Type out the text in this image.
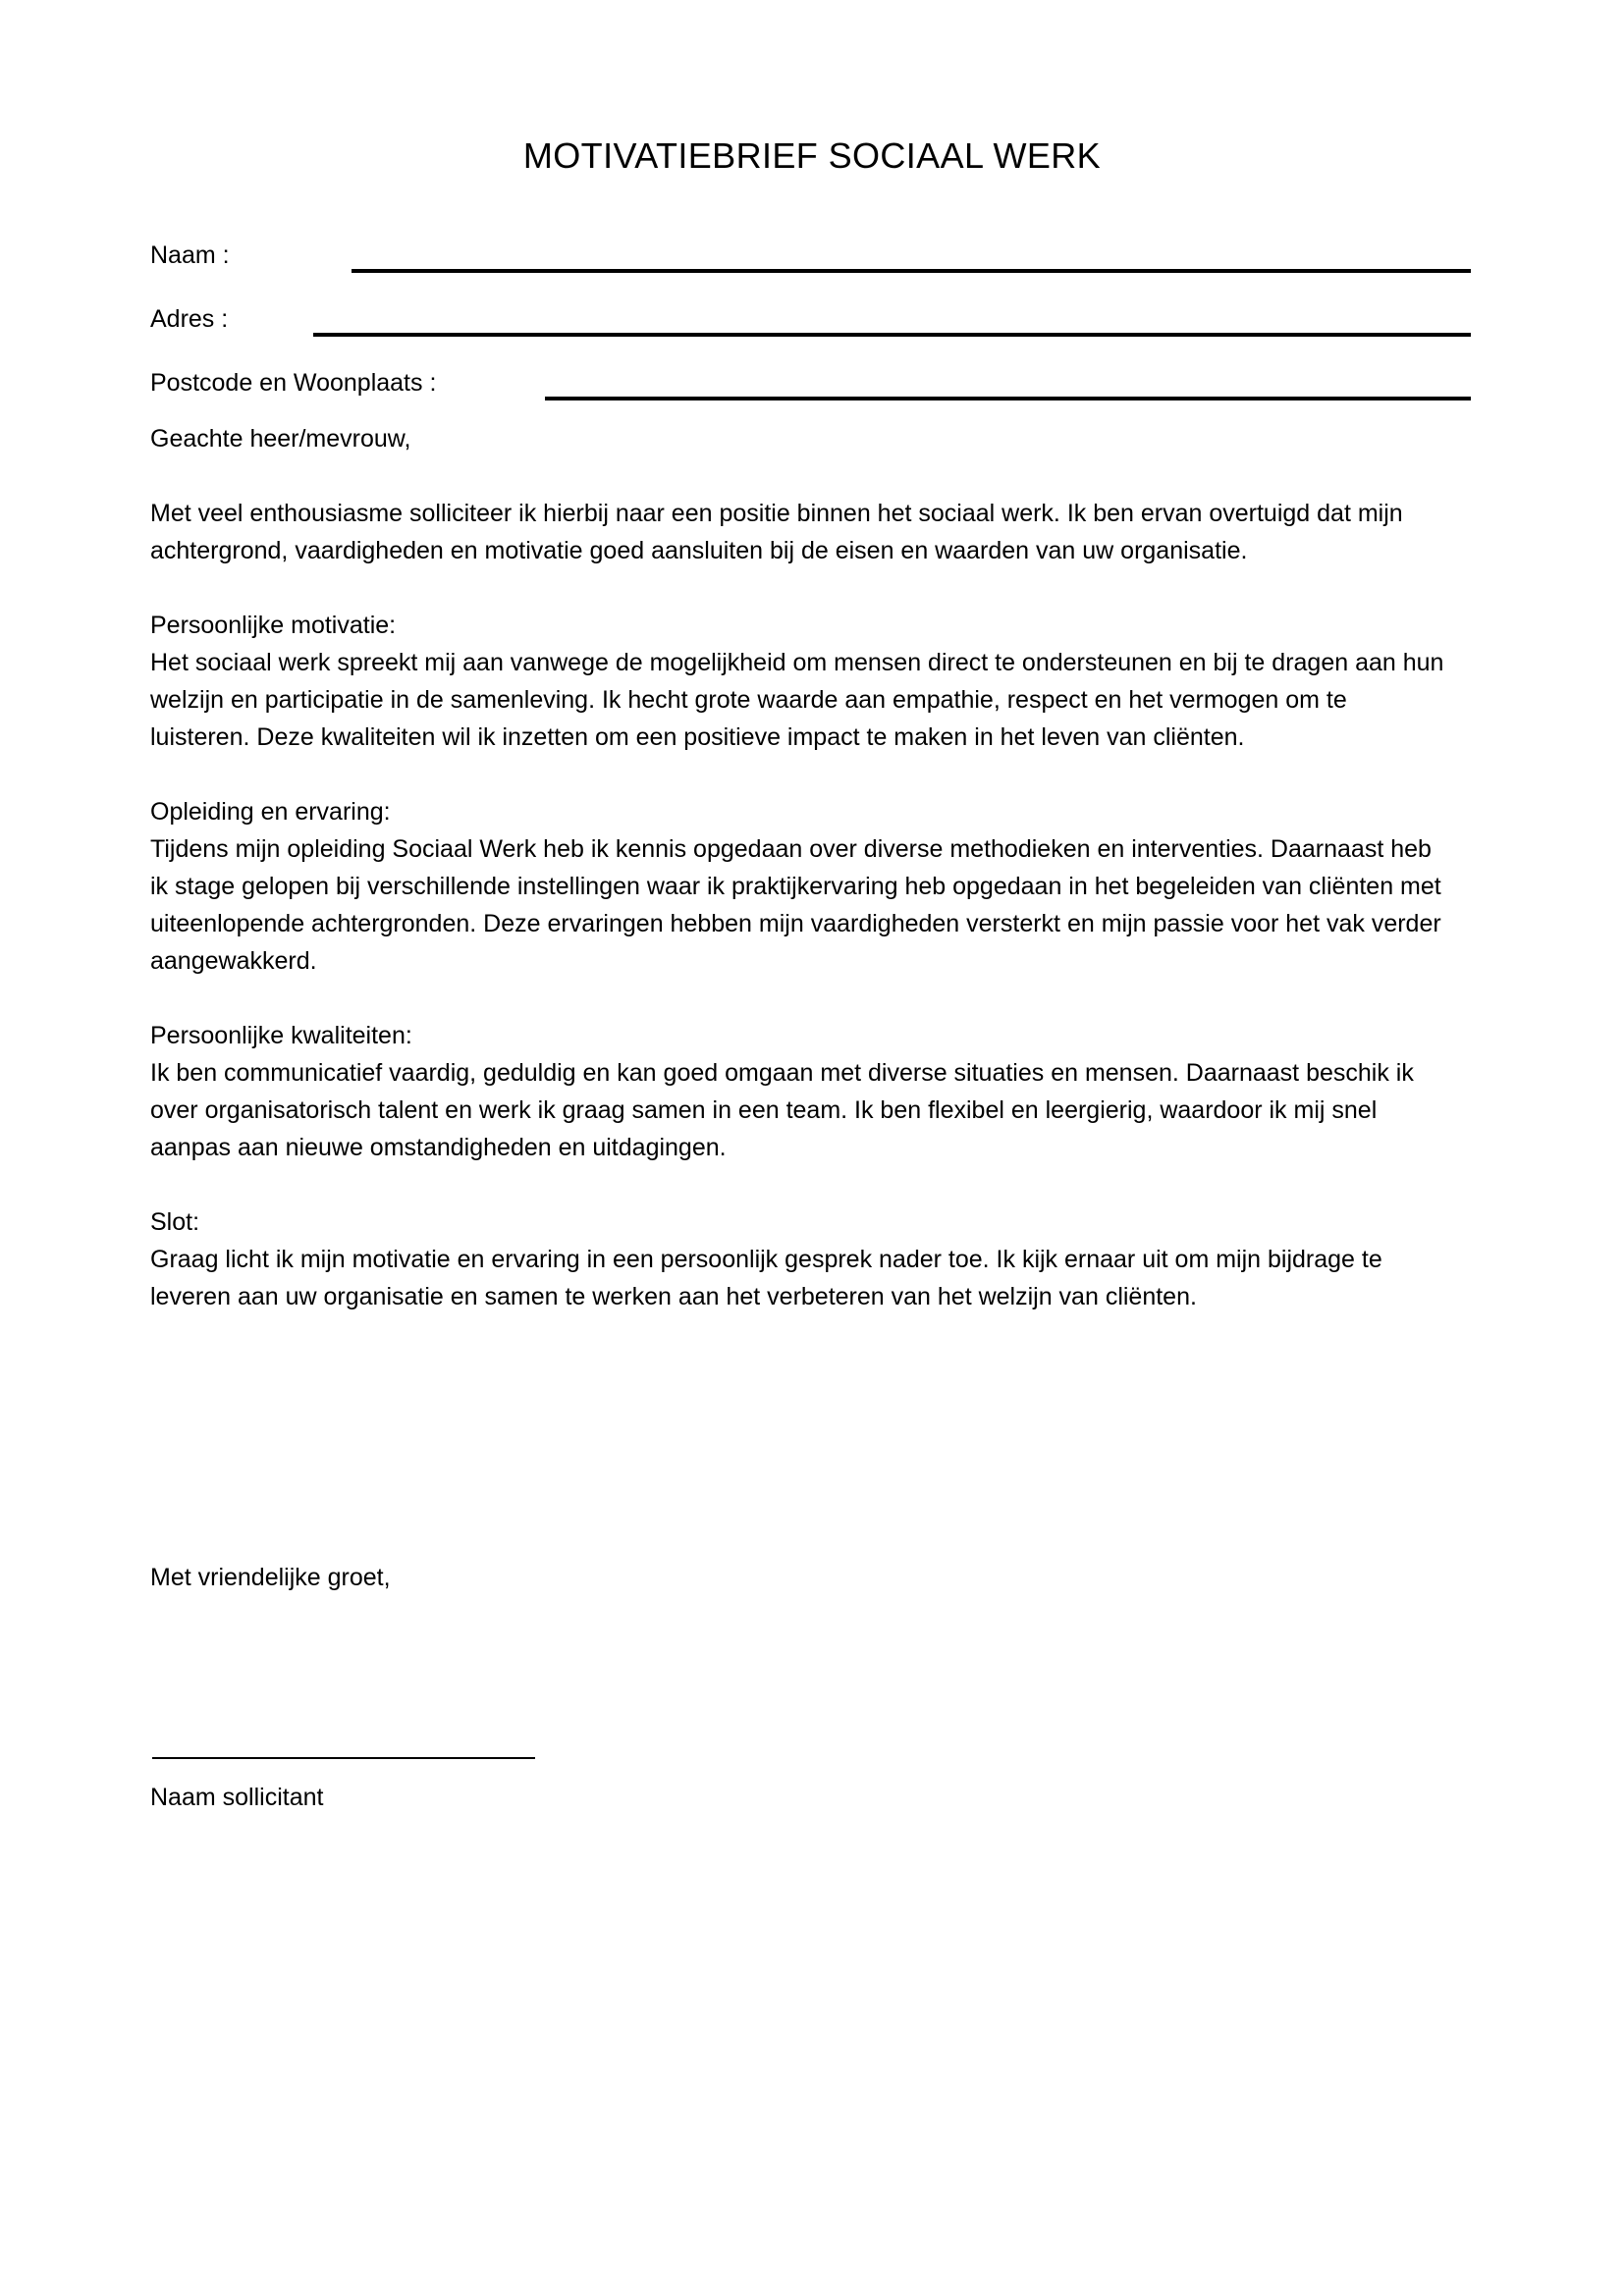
MOTIVATIEBRIEF SOCIAAL WERK
Naam :
Adres :
Postcode en Woonplaats :

Geachte heer/mevrouw,

Met veel enthousiasme solliciteer ik hierbij naar een positie binnen het sociaal werk. Ik ben ervan overtuigd dat mijn achtergrond, vaardigheden en motivatie goed aansluiten bij de eisen en waarden van uw organisatie.

Persoonlijke motivatie:

Het sociaal werk spreekt mij aan vanwege de mogelijkheid om mensen direct te ondersteunen en bij te dragen aan hun welzijn en participatie in de samenleving. Ik hecht grote waarde aan empathie, respect en het vermogen om te luisteren. Deze kwaliteiten wil ik inzetten om een positieve impact te maken in het leven van cliënten.

Opleiding en ervaring:

Tijdens mijn opleiding Sociaal Werk heb ik kennis opgedaan over diverse methodieken en interventies. Daarnaast heb ik stage gelopen bij verschillende instellingen waar ik praktijkervaring heb opgedaan in het begeleiden van cliënten met uiteenlopende achtergronden. Deze ervaringen hebben mijn vaardigheden versterkt en mijn passie voor het vak verder aangewakkerd.

Persoonlijke kwaliteiten:

Ik ben communicatief vaardig, geduldig en kan goed omgaan met diverse situaties en mensen. Daarnaast beschik ik over organisatorisch talent en werk ik graag samen in een team. Ik ben flexibel en leergierig, waardoor ik mij snel aanpas aan nieuwe omstandigheden en uitdagingen.

Slot:

Graag licht ik mijn motivatie en ervaring in een persoonlijk gesprek nader toe. Ik kijk ernaar uit om mijn bijdrage te leveren aan uw organisatie en samen te werken aan het verbeteren van het welzijn van cliënten.

Met vriendelijke groet,

Naam sollicitant
